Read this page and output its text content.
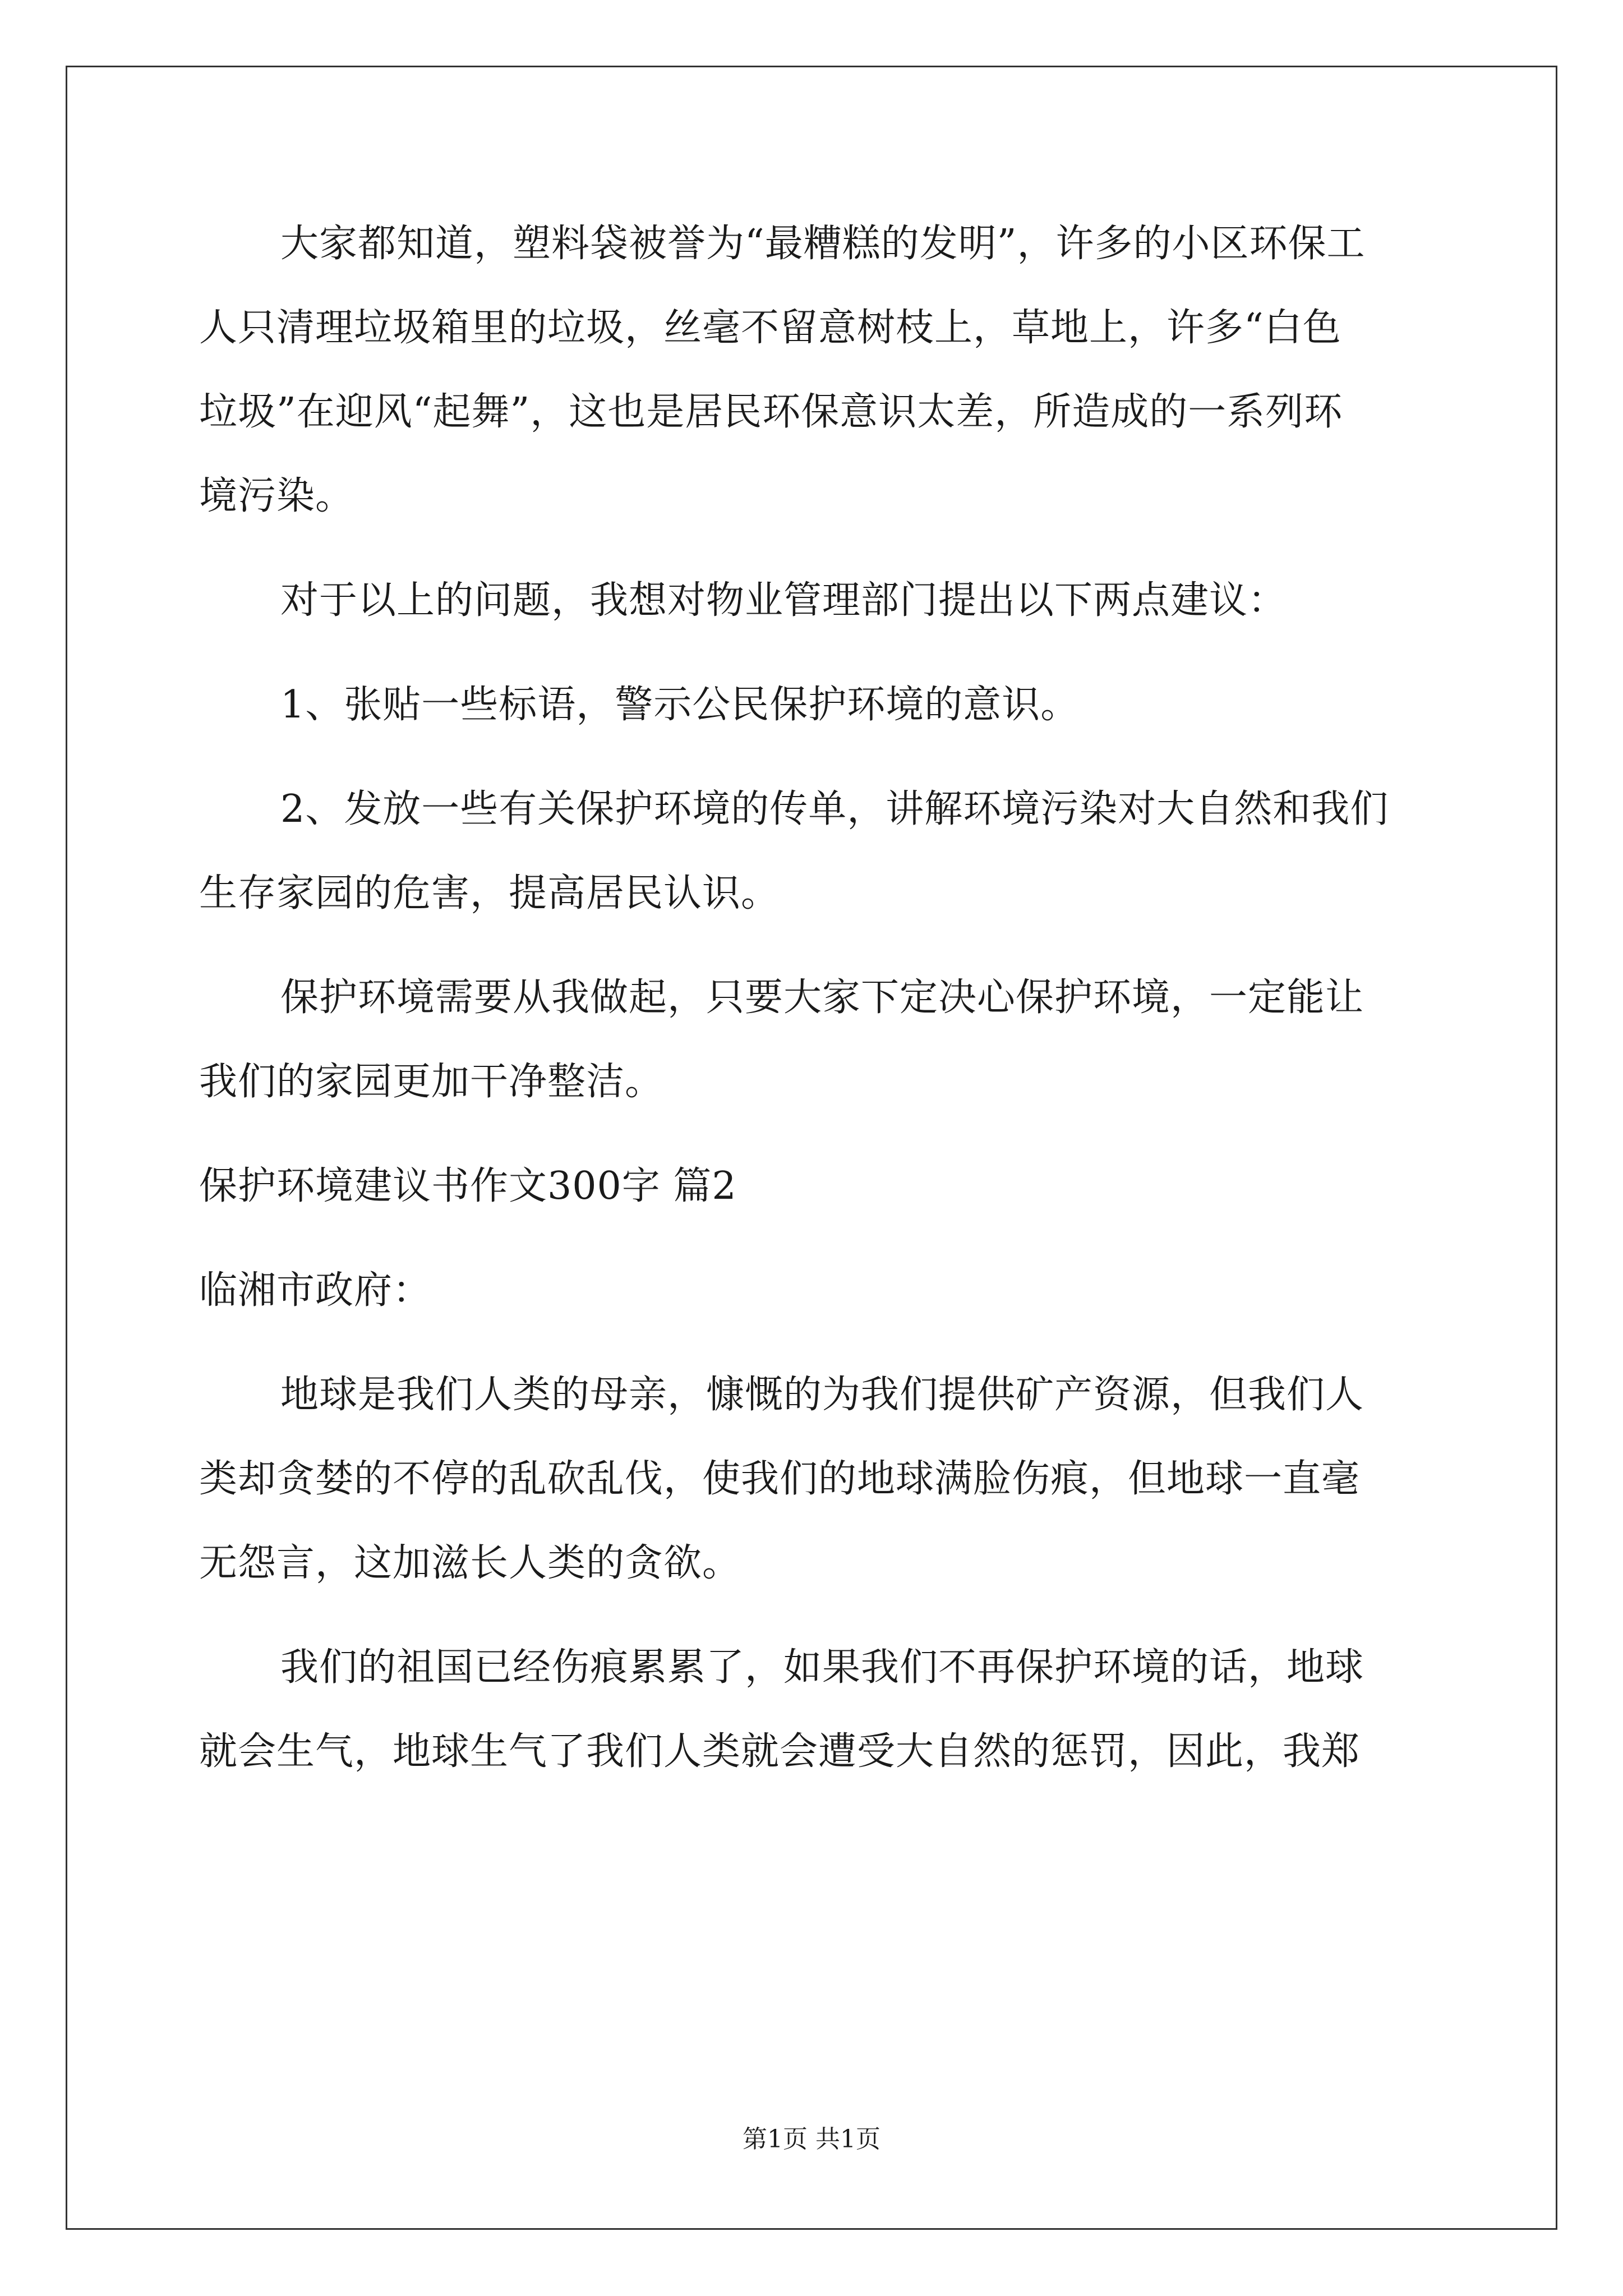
大家都知道，塑料袋被誉为“最糟糕的发明”，许多的小区环保工
人只清理垃圾箱里的垃圾，丝毫不留意树枝上，草地上，许多“白色
垃圾”在迎风“起舞”，这也是居民环保意识太差，所造成的一系列环
境污染。
对于以上的问题，我想对物业管理部门提出以下两点建议：
1、张贴一些标语，警示公民保护环境的意识。
2、发放一些有关保护环境的传单，讲解环境污染对大自然和我们
生存家园的危害，提高居民认识。
保护环境需要从我做起，只要大家下定决心保护环境，一定能让
我们的家园更加干净整洁。
保护环境建议书作文300字 篇2
临湘市政府：
地球是我们人类的母亲，慷慨的为我们提供矿产资源，但我们人
类却贪婪的不停的乱砍乱伐，使我们的地球满脸伤痕，但地球一直毫
无怨言，这加滋长人类的贪欲。
我们的祖国已经伤痕累累了，如果我们不再保护环境的话，地球
就会生气，地球生气了我们人类就会遭受大自然的惩罚，因此，我郑
第1页 共1页
